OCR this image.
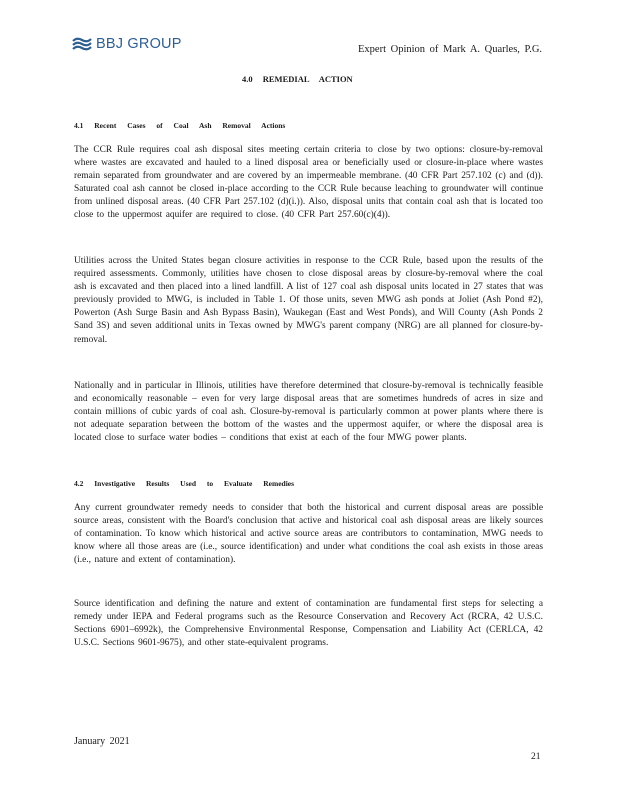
BBJ GROUP	Expert Opinion of Mark A. Quarles, P.G.
4.0 REMEDIAL ACTION
4.1 Recent Cases of Coal Ash Removal Actions
The CCR Rule requires coal ash disposal sites meeting certain criteria to close by two options: closure-by-removal where wastes are excavated and hauled to a lined disposal area or beneficially used or closure-in-place where wastes remain separated from groundwater and are covered by an impermeable membrane. (40 CFR Part 257.102 (c) and (d)). Saturated coal ash cannot be closed in-place according to the CCR Rule because leaching to groundwater will continue from unlined disposal areas. (40 CFR Part 257.102 (d)(i.)). Also, disposal units that contain coal ash that is located too close to the uppermost aquifer are required to close. (40 CFR Part 257.60(c)(4)).
Utilities across the United States began closure activities in response to the CCR Rule, based upon the results of the required assessments. Commonly, utilities have chosen to close disposal areas by closure-by-removal where the coal ash is excavated and then placed into a lined landfill. A list of 127 coal ash disposal units located in 27 states that was previously provided to MWG, is included in Table 1. Of those units, seven MWG ash ponds at Joliet (Ash Pond #2), Powerton (Ash Surge Basin and Ash Bypass Basin), Waukegan (East and West Ponds), and Will County (Ash Ponds 2 Sand 3S) and seven additional units in Texas owned by MWG's parent company (NRG) are all planned for closure-by-removal.
Nationally and in particular in Illinois, utilities have therefore determined that closure-by-removal is technically feasible and economically reasonable – even for very large disposal areas that are sometimes hundreds of acres in size and contain millions of cubic yards of coal ash. Closure-by-removal is particularly common at power plants where there is not adequate separation between the bottom of the wastes and the uppermost aquifer, or where the disposal area is located close to surface water bodies – conditions that exist at each of the four MWG power plants.
4.2 Investigative Results Used to Evaluate Remedies
Any current groundwater remedy needs to consider that both the historical and current disposal areas are possible source areas, consistent with the Board's conclusion that active and historical coal ash disposal areas are likely sources of contamination. To know which historical and active source areas are contributors to contamination, MWG needs to know where all those areas are (i.e., source identification) and under what conditions the coal ash exists in those areas (i.e., nature and extent of contamination).
Source identification and defining the nature and extent of contamination are fundamental first steps for selecting a remedy under IEPA and Federal programs such as the Resource Conservation and Recovery Act (RCRA, 42 U.S.C. Sections 6901–6992k), the Comprehensive Environmental Response, Compensation and Liability Act (CERLCA, 42 U.S.C. Sections 9601-9675), and other state-equivalent programs.
January 2021
21
